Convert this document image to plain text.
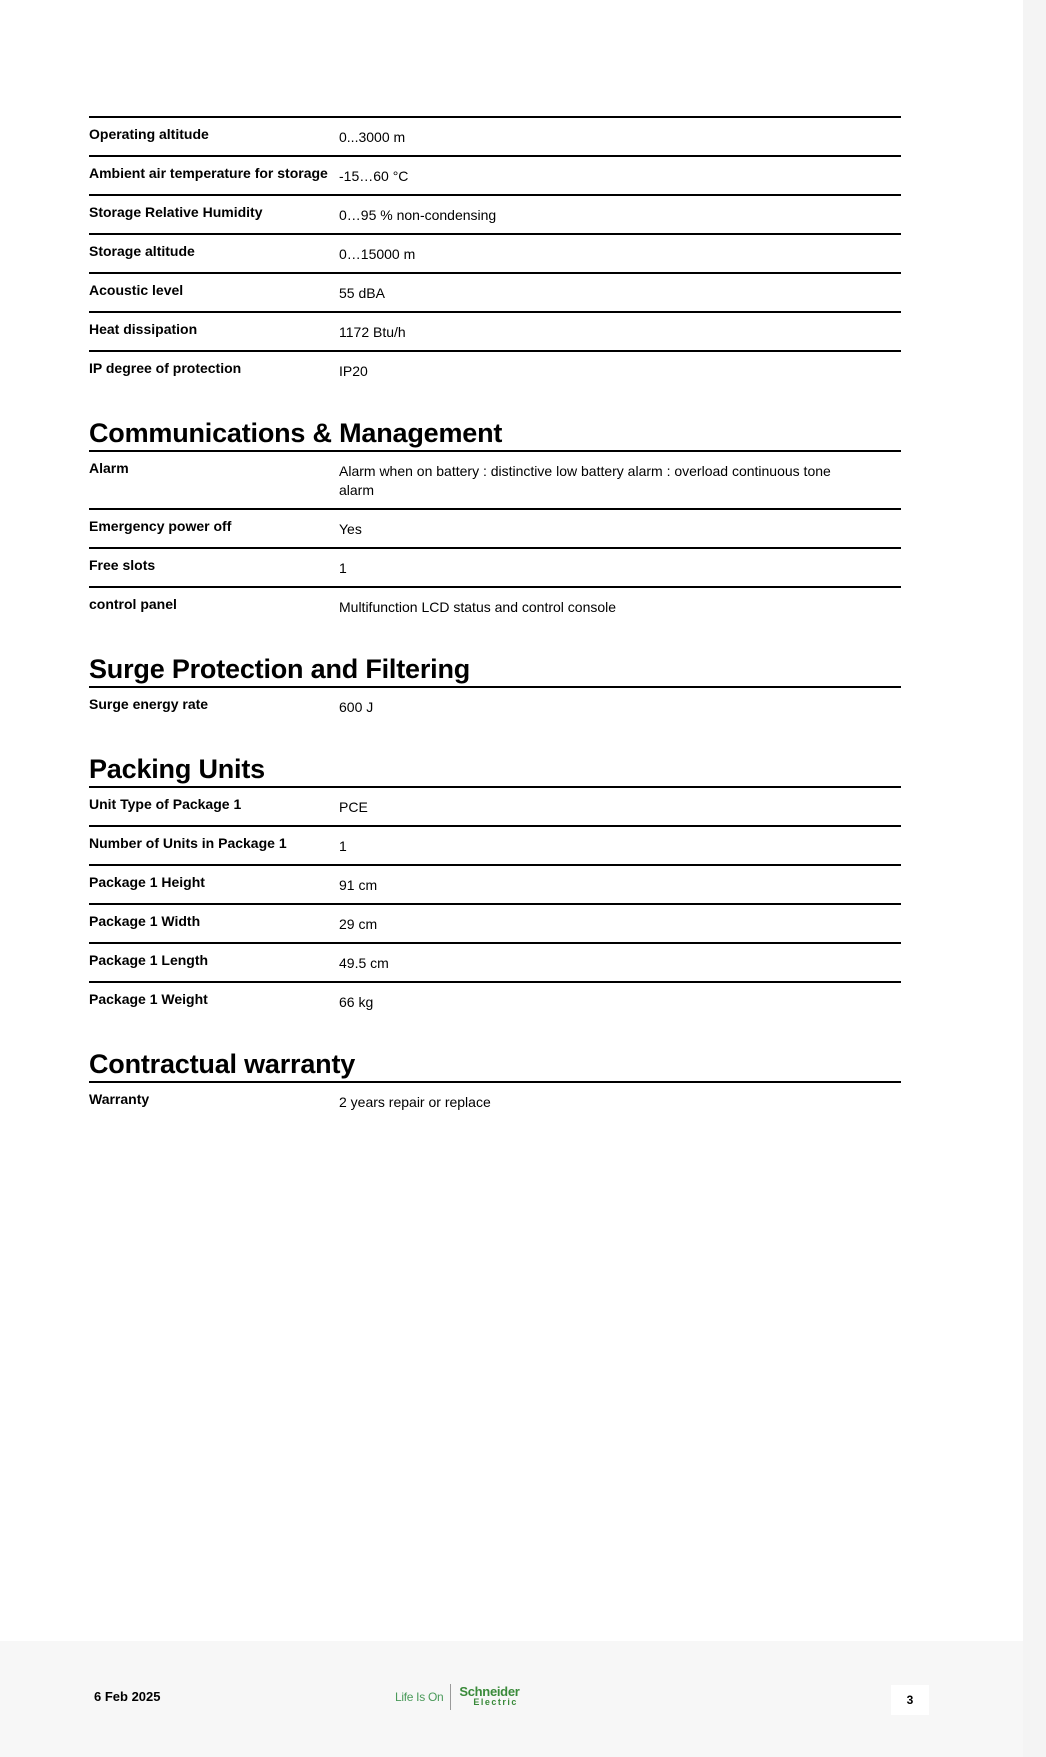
Operating altitude	0...3000 m
Ambient air temperature for storage -15…60 °C
Storage Relative Humidity	0…95 % non-condensing
Storage altitude	0…15000 m
Acoustic level	55 dBA
Heat dissipation	1172 Btu/h
IP degree of protection	IP20
Communications & Management
Alarm	Alarm when on battery : distinctive low battery alarm : overload continuous tone alarm
Emergency power off	Yes
Free slots	1
control panel	Multifunction LCD status and control console
Surge Protection and Filtering
Surge energy rate	600 J
Packing Units
Unit Type of Package 1	PCE
Number of Units in Package 1	1
Package 1 Height	91 cm
Package 1 Width	29 cm
Package 1 Length	49.5 cm
Package 1 Weight	66 kg
Contractual warranty
Warranty	2 years repair or replace
6 Feb 2025	Life Is On	Schneider
Electric	3
